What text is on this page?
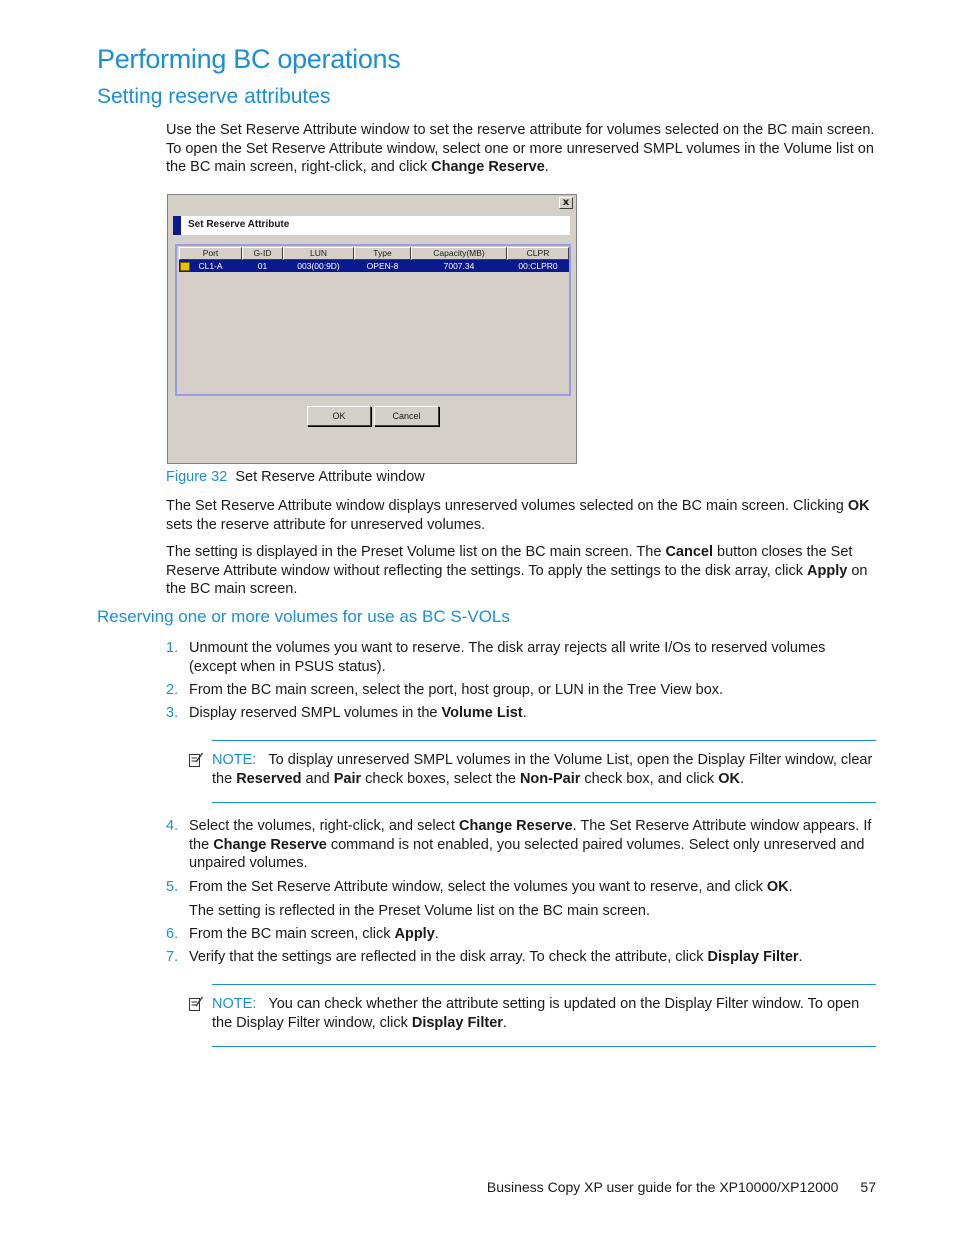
Performing BC operations
Setting reserve attributes

Use the Set Reserve Attribute window to set the reserve attribute for volumes selected on the BC main screen. To open the Set Reserve Attribute window, select one or more unreserved SMPL volumes in the Volume list on the BC main screen, right-click, and click Change Reserve.

x
Set Reserve Attribute
Port	G-ID	LUN	Type	Capacity(MB)	CLPR
CL1-A	01	003(00:9D)	OPEN-8	7007.34	00:CLPR0
OK	Cancel
Figure 32 Set Reserve Attribute window

The Set Reserve Attribute window displays unreserved volumes selected on the BC main screen. Clicking OK sets the reserve attribute for unreserved volumes.

The setting is displayed in the Preset Volume list on the BC main screen. The Cancel button closes the Set Reserve Attribute window without reflecting the settings. To apply the settings to the disk array, click Apply on the BC main screen.

Reserving one or more volumes for use as BC S-VOLs
1. Unmount the volumes you want to reserve. The disk array rejects all write I/Os to reserved volumes (except when in PSUS status).
2. From the BC main screen, select the port, host group, or LUN in the Tree View box.
3. Display reserved SMPL volumes in the Volume List.
NOTE: To display unreserved SMPL volumes in the Volume List, open the Display Filter window, clear the Reserved and Pair check boxes, select the Non-Pair check box, and click OK.
4. Select the volumes, right-click, and select Change Reserve. The Set Reserve Attribute window appears. If the Change Reserve command is not enabled, you selected paired volumes. Select only unreserved and unpaired volumes.
5. From the Set Reserve Attribute window, select the volumes you want to reserve, and click OK.
The setting is reflected in the Preset Volume list on the BC main screen.
6. From the BC main screen, click Apply.
7. Verify that the settings are reflected in the disk array. To check the attribute, click Display Filter.
NOTE: You can check whether the attribute setting is updated on the Display Filter window. To open the Display Filter window, click Display Filter.
Business Copy XP user guide for the XP10000/XP12000 57
